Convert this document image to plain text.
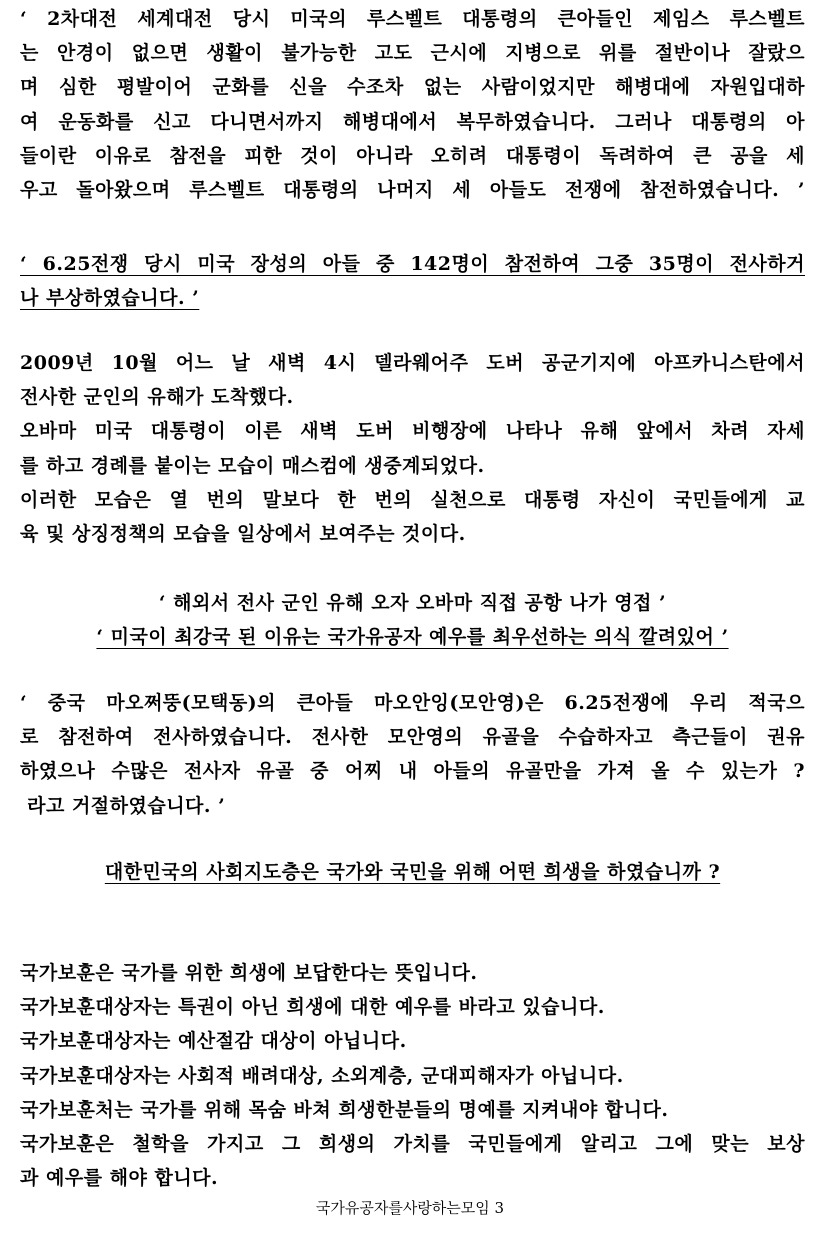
‘ 2차대전 세계대전 당시 미국의 루스벨트 대통령의 큰아들인 제임스 루스벨트
는 안경이 없으면 생활이 불가능한 고도 근시에 지병으로 위를 절반이나 잘랐으
며 심한 평발이어 군화를 신을 수조차 없는 사람이었지만 해병대에 자원입대하
여 운동화를 신고 다니면서까지 해병대에서 복무하였습니다. 그러나 대통령의 아
들이란 이유로 참전을 피한 것이 아니라 오히려 대통령이 독려하여 큰 공을 세
우고 돌아왔으며 루스벨트 대통령의 나머지 세 아들도 전쟁에 참전하였습니다. ’
‘ 6.25전쟁 당시 미국 장성의 아들 중 142명이 참전하여 그중 35명이 전사하거
나 부상하였습니다. ’
2009년 10월 어느 날 새벽 4시 델라웨어주 도버 공군기지에 아프카니스탄에서
전사한 군인의 유해가 도착했다.
오바마 미국 대통령이 이른 새벽 도버 비행장에 나타나 유해 앞에서 차려 자세
를 하고 경례를 붙이는 모습이 매스컴에 생중계되었다.
이러한 모습은 열 번의 말보다 한 번의 실천으로 대통령 자신이 국민들에게 교
육 및 상징정책의 모습을 일상에서 보여주는 것이다.
‘ 해외서 전사 군인 유해 오자 오바마 직접 공항 나가 영접 ’
‘ 미국이 최강국 된 이유는 국가유공자 예우를 최우선하는 의식 깔려있어 ’
‘ 중국 마오쩌뚱(모택동)의 큰아들 마오안잉(모안영)은 6.25전쟁에 우리 적국으
로 참전하여 전사하였습니다. 전사한 모안영의 유골을 수습하자고 측근들이 권유
하였으나 수많은 전사자 유골 중 어찌 내 아들의 유골만을 가져 올 수 있는가 ?
라고 거절하였습니다. ’
대한민국의 사회지도층은 국가와 국민을 위해 어떤 희생을 하였습니까 ?
국가보훈은 국가를 위한 희생에 보답한다는 뜻입니다.
국가보훈대상자는 특권이 아닌 희생에 대한 예우를 바라고 있습니다.
국가보훈대상자는 예산절감 대상이 아닙니다.
국가보훈대상자는 사회적 배려대상, 소외계층, 군대피해자가 아닙니다.
국가보훈처는 국가를 위해 목숨 바쳐 희생한분들의 명예를 지켜내야 합니다.
국가보훈은 철학을 가지고 그 희생의 가치를 국민들에게 알리고 그에 맞는 보상
과 예우를 해야 합니다.
국가유공자를사랑하는모임 3
